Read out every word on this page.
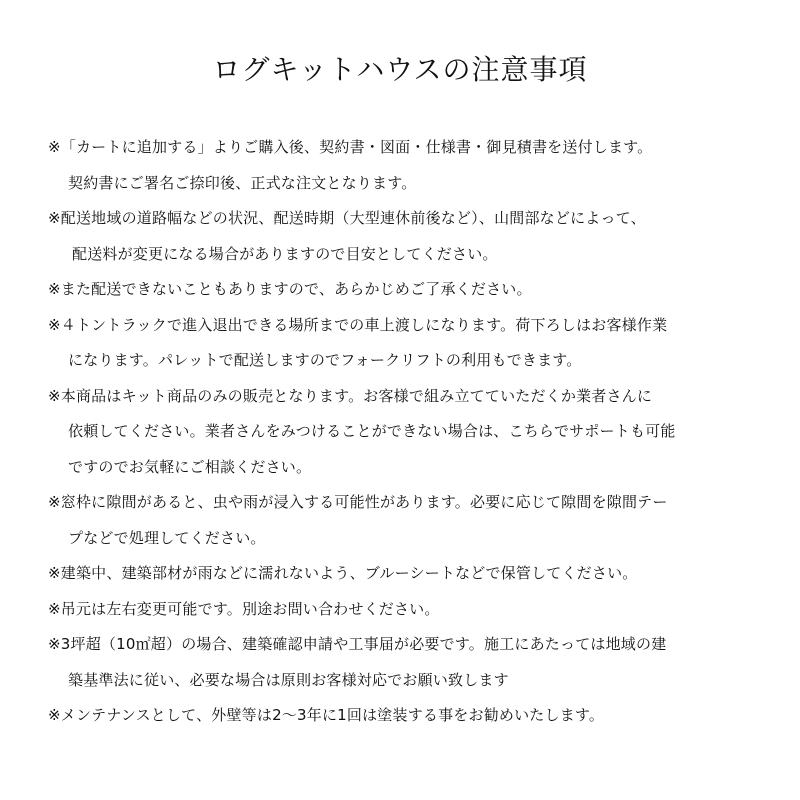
ログキットハウスの注意事項
※「カートに追加する」よりご購入後、契約書・図面・仕様書・御見積書を送付します。
契約書にご署名ご捺印後、正式な注文となります。
※配送地域の道路幅などの状況、配送時期（大型連休前後など）、山間部などによって、
配送料が変更になる場合がありますので目安としてください。
※また配送できないこともありますので、あらかじめご了承ください。
※４トントラックで進入退出できる場所までの車上渡しになります。荷下ろしはお客様作業
になります。パレットで配送しますのでフォークリフトの利用もできます。
※本商品はキット商品のみの販売となります。お客様で組み立てていただくか業者さんに
依頼してください。業者さんをみつけることができない場合は、こちらでサポートも可能
ですのでお気軽にご相談ください。
※窓枠に隙間があると、虫や雨が浸入する可能性があります。必要に応じて隙間を隙間テー
プなどで処理してください。
※建築中、建築部材が雨などに濡れないよう、ブルーシートなどで保管してください。
※吊元は左右変更可能です。別途お問い合わせください。
※3坪超（10㎡超）の場合、建築確認申請や工事届が必要です。施工にあたっては地域の建
築基準法に従い、必要な場合は原則お客様対応でお願い致します
※メンテナンスとして、外壁等は2～3年に1回は塗装する事をお勧めいたします。
